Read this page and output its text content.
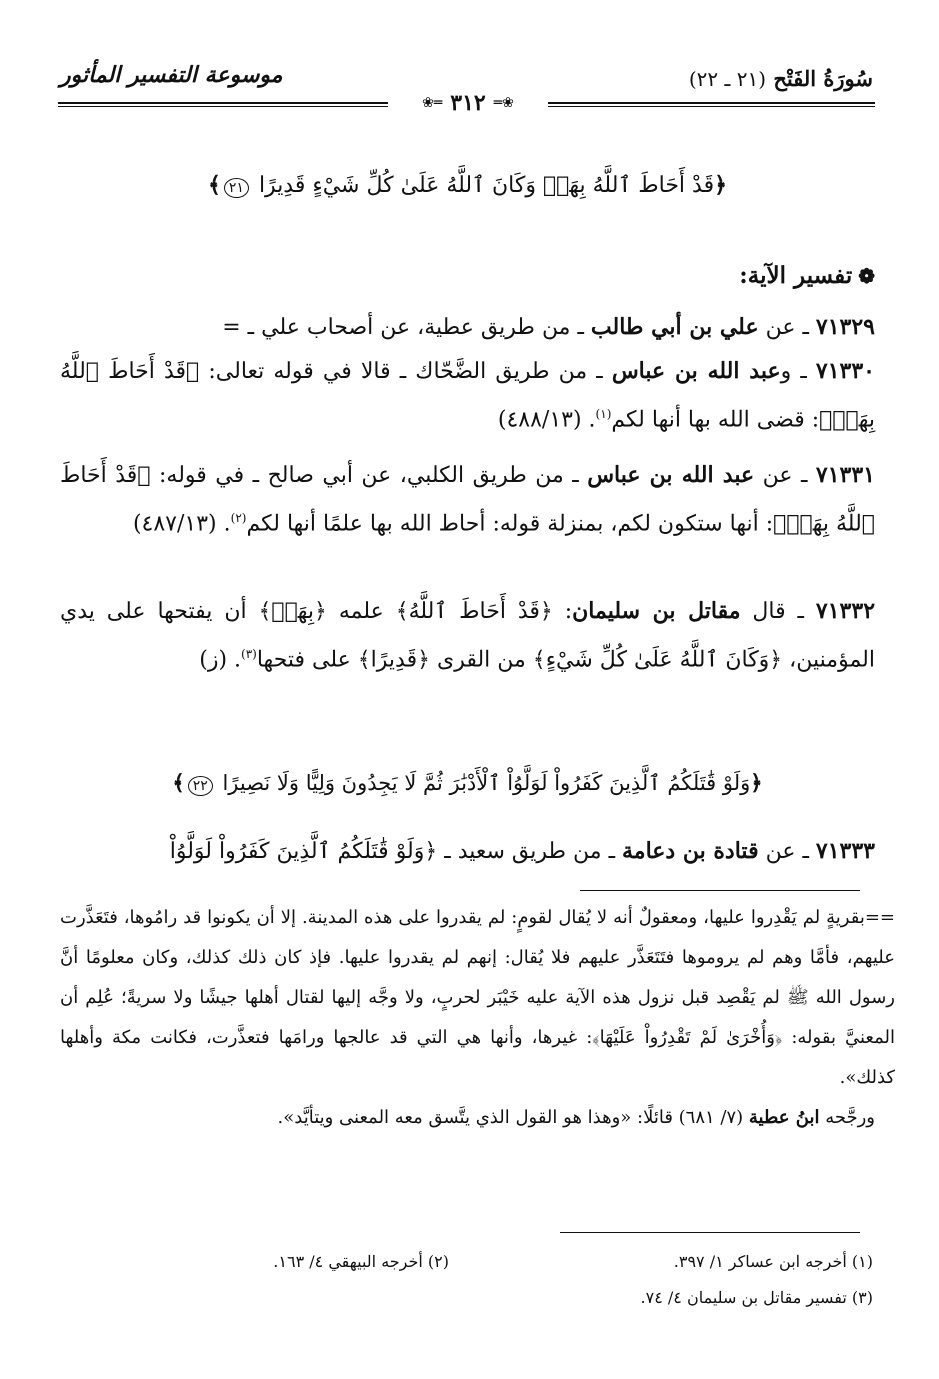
سُورَةُ الفَتْح (٢١ ـ ٢٢)
موسوعة التفسير المأثور
❀═
٣١٢
═❀
﴿قَدْ أَحَاطَ ٱللَّهُ بِهَاۚ وَكَانَ ٱللَّهُ عَلَىٰ كُلِّ شَيْءٍ قَدِيرًا ٢١﴾
❁تفسير الآية:
٧١٣٢٩ ـ عن علي بن أبي طالب ـ من طريق عطية، عن أصحاب علي ـ =
٧١٣٣٠ ـ وعبد الله بن عباس ـ من طريق الضَّحّاك ـ قالا في قوله تعالى: ﴿قَدْ أَحَاطَ ٱللَّهُ بِهَاۚ﴾: قضى الله بها أنها لكم$^{(١)}$. (٤٨٨/١٣)
٧١٣٣١ ـ عن عبد الله بن عباس ـ من طريق الكلبي، عن أبي صالح ـ في قوله: ﴿قَدْ أَحَاطَ ٱللَّهُ بِهَاۚ﴾: أنها ستكون لكم، بمنزلة قوله: أحاط الله بها علمًا أنها لكم$^{(٢)}$. (٤٨٧/١٣)
٧١٣٣٢ ـ قال مقاتل بن سليمان: ﴿قَدْ أَحَاطَ ٱللَّهُ﴾ علمه ﴿بِهَاۚ﴾ أن يفتحها على يدي المؤمنين، ﴿وَكَانَ ٱللَّهُ عَلَىٰ كُلِّ شَيْءٍ﴾ من القرى ﴿قَدِيرًا﴾ على فتحها$^{(٣)}$. (ز)
﴿وَلَوْ قَٰتَلَكُمُ ٱلَّذِينَ كَفَرُواْ لَوَلَّوُاْ ٱلْأَدْبَٰرَ ثُمَّ لَا يَجِدُونَ وَلِيًّا وَلَا نَصِيرًا ٢٢﴾
٧١٣٣٣ ـ عن قتادة بن دعامة ـ من طريق سعيد ـ ﴿وَلَوْ قَٰتَلَكُمُ ٱلَّذِينَ كَفَرُواْ لَوَلَّوُاْ
==بقريةٍ لم يَقْدِروا عليها، ومعقولٌ أنه لا يُقال لقومٍ: لم يقدروا على هذه المدينة. إلا أن يكونوا قد رامُوها، فتَعَذَّرت عليهم، فأمَّا وهم لم يروموها فتَتَعَذَّر عليهم فلا يُقال: إنهم لم يقدروا عليها. فإذ كان ذلك كذلك، وكان معلومًا أنَّ رسول الله ﷺ لم يَقْصِد قبل نزول هذه الآية عليه خَيْبَر لحربٍ، ولا وجَّه إليها لقتال أهلها جيشًا ولا سريةً؛ عُلِم أن المعنيَّ بقوله: ﴿وَأُخْرَىٰ لَمْ تَقْدِرُواْ عَلَيْهَا﴾: غيرها، وأنها هي التي قد عالجها ورامَها فتعذَّرت، فكانت مكة وأهلها كذلك».
ورجَّحه ابنُ عطية (٧/ ٦٨١) قائلًا: «وهذا هو القول الذي يتَّسق معه المعنى ويتأيَّد».
(١) أخرجه ابن عساكر ١/ ٣٩٧.
(٢) أخرجه البيهقي ٤/ ١٦٣.
(٣) تفسير مقاتل بن سليمان ٤/ ٧٤.
